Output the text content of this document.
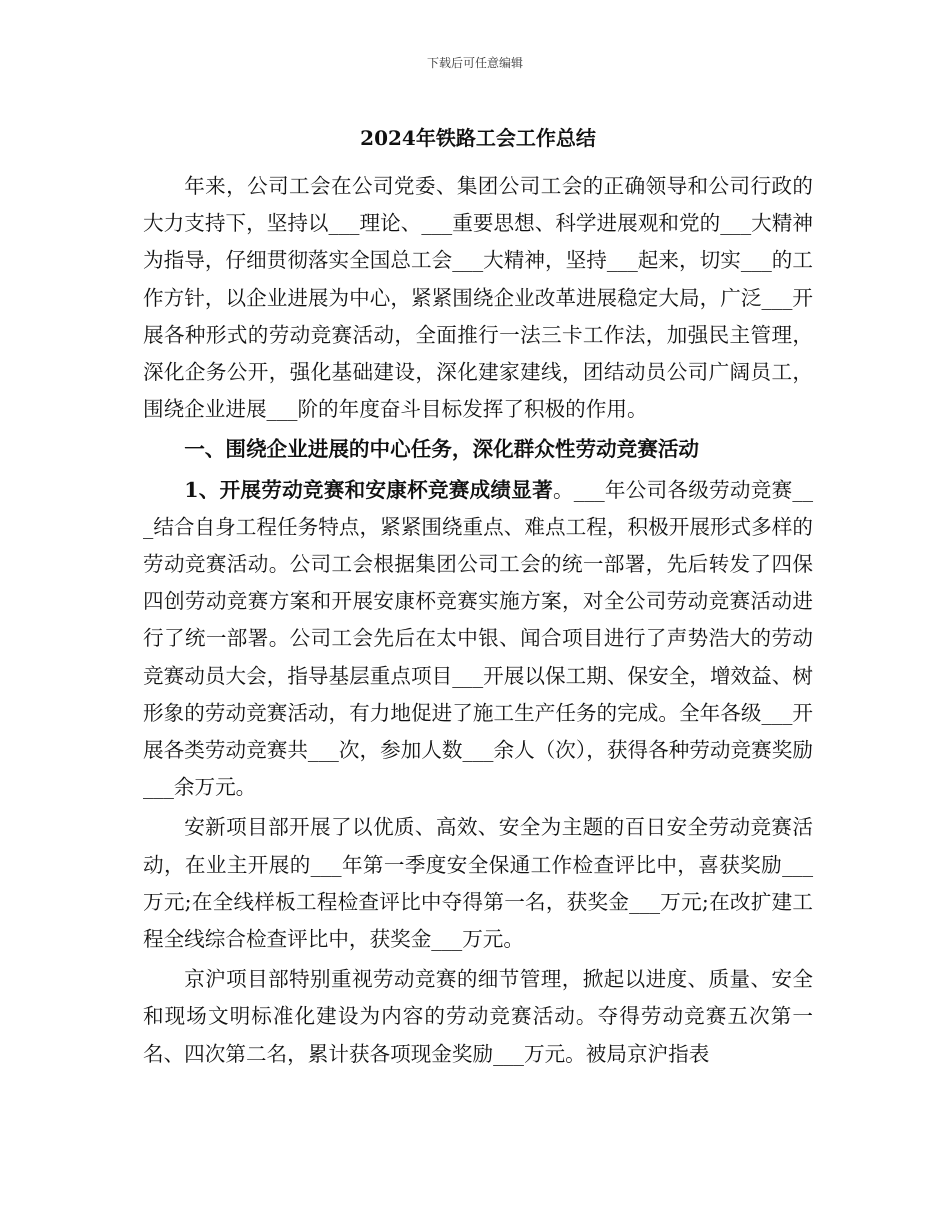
下载后可任意编辑
2024年铁路工会工作总结

年来，公司工会在公司党委、集团公司工会的正确领导和公司行政的大力支持下，坚持以___理论、___重要思想、科学进展观和党的___大精神为指导，仔细贯彻落实全国总工会___大精神，坚持___起来，切实___的工作方针，以企业进展为中心，紧紧围绕企业改革进展稳定大局，广泛___开展各种形式的劳动竞赛活动，全面推行一法三卡工作法，加强民主管理，深化企务公开，强化基础建设，深化建家建线，团结动员公司广阔员工，围绕企业进展___阶的年度奋斗目标发挥了积极的作用。

一、围绕企业进展的中心任务，深化群众性劳动竞赛活动

1、开展劳动竞赛和安康杯竞赛成绩显著。___年公司各级劳动竞赛___结合自身工程任务特点，紧紧围绕重点、难点工程，积极开展形式多样的劳动竞赛活动。公司工会根据集团公司工会的统一部署，先后转发了四保四创劳动竞赛方案和开展安康杯竞赛实施方案，对全公司劳动竞赛活动进行了统一部署。公司工会先后在太中银、闻合项目进行了声势浩大的劳动竞赛动员大会，指导基层重点项目___开展以保工期、保安全，增效益、树形象的劳动竞赛活动，有力地促进了施工生产任务的完成。全年各级___开展各类劳动竞赛共___次，参加人数___余人（次），获得各种劳动竞赛奖励___余万元。

安新项目部开展了以优质、高效、安全为主题的百日安全劳动竞赛活动，在业主开展的___年第一季度安全保通工作检查评比中，喜获奖励___万元;在全线样板工程检查评比中夺得第一名，获奖金___万元;在改扩建工程全线综合检查评比中，获奖金___万元。

京沪项目部特别重视劳动竞赛的细节管理，掀起以进度、质量、安全和现场文明标准化建设为内容的劳动竞赛活动。夺得劳动竞赛五次第一名、四次第二名，累计获各项现金奖励___万元。被局京沪指表
